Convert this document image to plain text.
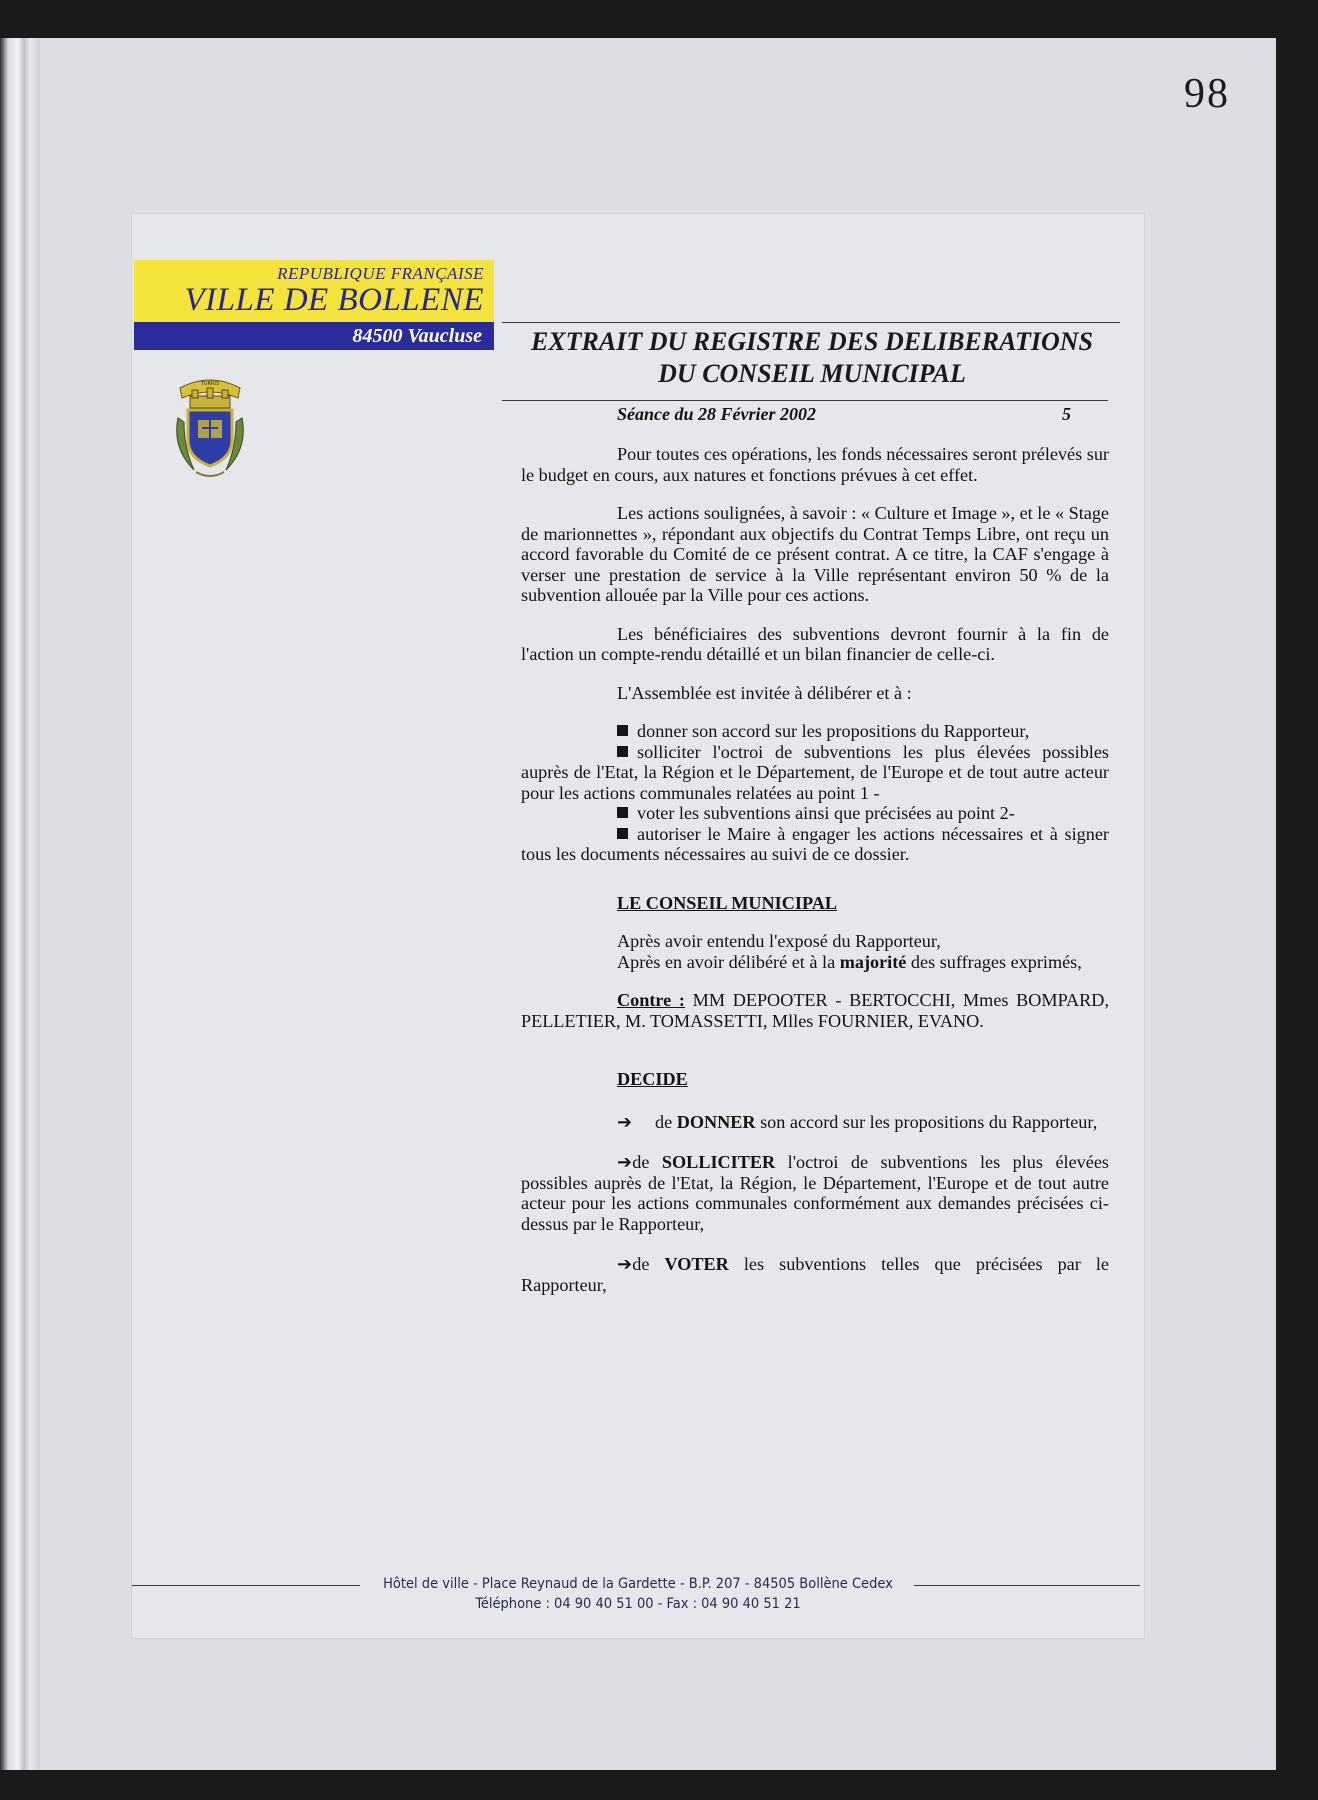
98
REPUBLIQUE FRANÇAISE
VILLE DE BOLLENE
84500 Vaucluse
TURRIS
EXTRAIT DU REGISTRE DES DELIBERATIONS
DU CONSEIL MUNICIPAL
Séance du 28 Février 2002	5

Pour toutes ces opérations, les fonds nécessaires seront prélevés sur le budget en cours, aux natures et fonctions prévues à cet effet.

Les actions soulignées, à savoir : « Culture et Image », et le « Stage de marionnettes », répondant aux objectifs du Contrat Temps Libre, ont reçu un accord favorable du Comité de ce présent contrat. A ce titre, la CAF s'engage à verser une prestation de service à la Ville représentant environ 50 % de la subvention allouée par la Ville pour ces actions.

Les bénéficiaires des subventions devront fournir à la fin de l'action un compte-rendu détaillé et un bilan financier de celle-ci.

L'Assemblée est invitée à délibérer et à :

donner son accord sur les propositions du Rapporteur,

solliciter l'octroi de subventions les plus élevées possibles auprès de l'Etat, la Région et le Département, de l'Europe et de tout autre acteur pour les actions communales relatées au point 1 -

voter les subventions ainsi que précisées au point 2-

autoriser le Maire à engager les actions nécessaires et à signer tous les documents nécessaires au suivi de ce dossier.

LE CONSEIL MUNICIPAL

Après avoir entendu l'exposé du Rapporteur,

Après en avoir délibéré et à la majorité des suffrages exprimés,

Contre : MM DEPOOTER - BERTOCCHI, Mmes BOMPARD, PELLETIER, M. TOMASSETTI, Mlles FOURNIER, EVANO.

DECIDE

➔     de DONNER son accord sur les propositions du Rapporteur,

➔de SOLLICITER l'octroi de subventions les plus élevées possibles auprès de l'Etat, la Région, le Département, l'Europe et de tout autre acteur pour les actions communales conformément aux demandes précisées ci-dessus par le Rapporteur,

➔de VOTER les subventions telles que précisées par le Rapporteur,

Hôtel de ville - Place Reynaud de la Gardette - B.P. 207 - 84505 Bollène Cedex
Téléphone : 04 90 40 51 00 - Fax : 04 90 40 51 21
